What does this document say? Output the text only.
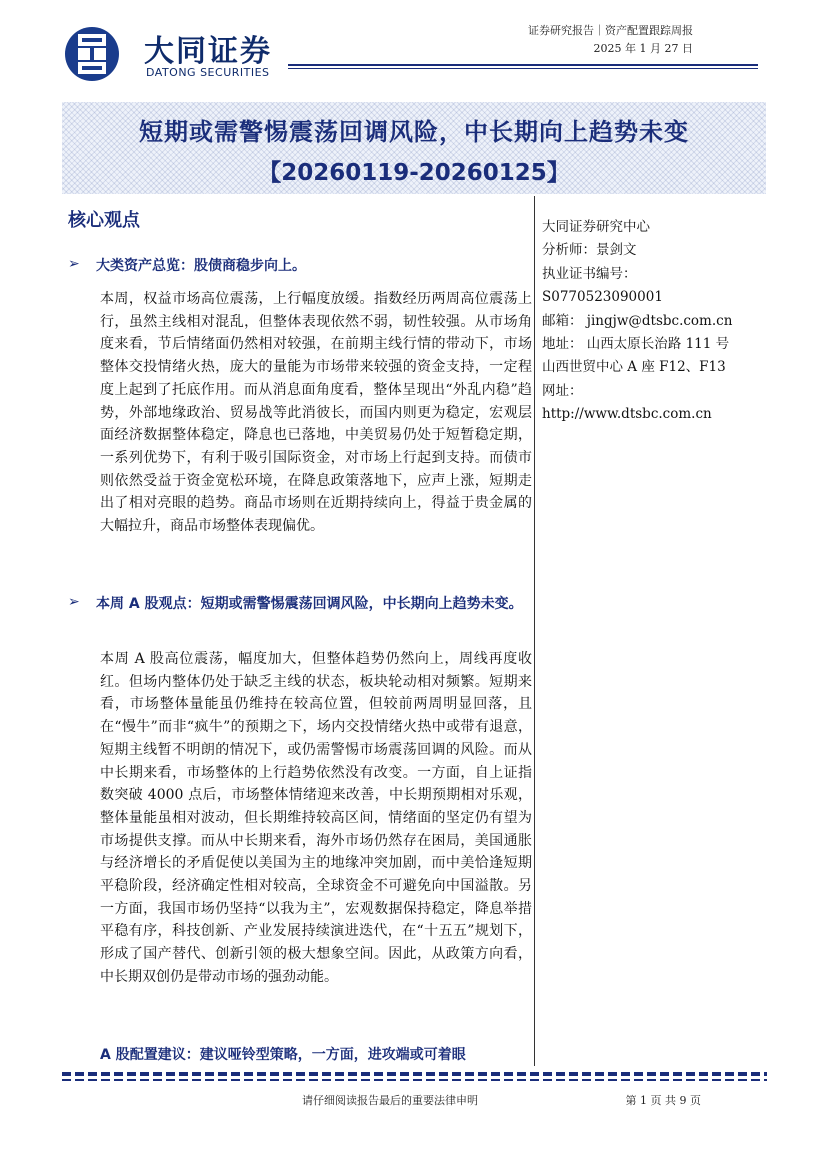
大同证券
DATONG SECURITIES
证券研究报告｜资产配置跟踪周报
2025 年 1 月 27 日
短期或需警惕震荡回调风险，中长期向上趋势未变
【20260119-20260125】
核心观点
➢ 大类资产总览：股债商稳步向上。
本周，权益市场高位震荡，上行幅度放缓。指数经历两周高位震荡上行，虽然主线相对混乱，但整体表现依然不弱，韧性较强。从市场角度来看，节后情绪面仍然相对较强，在前期主线行情的带动下，市场整体交投情绪火热，庞大的量能为市场带来较强的资金支持，一定程度上起到了托底作用。而从消息面角度看，整体呈现出“外乱内稳”趋势，外部地缘政治、贸易战等此消彼长，而国内则更为稳定，宏观层面经济数据整体稳定，降息也已落地，中美贸易仍处于短暂稳定期，一系列优势下，有利于吸引国际资金，对市场上行起到支持。而债市则依然受益于资金宽松环境，在降息政策落地下，应声上涨，短期走出了相对亮眼的趋势。商品市场则在近期持续向上，得益于贵金属的大幅拉升，商品市场整体表现偏优。
➢ 本周 A 股观点：短期或需警惕震荡回调风险，中长期向上趋势未变。
本周 A 股高位震荡，幅度加大，但整体趋势仍然向上，周线再度收红。但场内整体仍处于缺乏主线的状态，板块轮动相对频繁。短期来看，市场整体量能虽仍维持在较高位置，但较前两周明显回落，且在“慢牛”而非“疯牛”的预期之下，场内交投情绪火热中或带有退意，短期主线暂不明朗的情况下，或仍需警惕市场震荡回调的风险。而从中长期来看，市场整体的上行趋势依然没有改变。一方面，自上证指数突破 4000 点后，市场整体情绪迎来改善，中长期预期相对乐观，整体量能虽相对波动，但长期维持较高区间，情绪面的坚定仍有望为市场提供支撑。而从中长期来看，海外市场仍然存在困局，美国通胀与经济增长的矛盾促使以美国为主的地缘冲突加剧，而中美恰逢短期平稳阶段，经济确定性相对较高，全球资金不可避免向中国溢散。另一方面，我国市场仍坚持“以我为主”，宏观数据保持稳定，降息举措平稳有序，科技创新、产业发展持续演进迭代，在“十五五”规划下，形成了国产替代、创新引领的极大想象空间。因此，从政策方向看，中长期双创仍是带动市场的强劲动能。
A 股配置建议：建议哑铃型策略，一方面，进攻端或可着眼
大同证券研究中心
分析师：景剑文
执业证书编号：
S0770523090001
邮箱： jingjw@dtsbc.com.cn
地址： 山西太原长治路 111 号
山西世贸中心 A 座 F12、F13
网址：
http://www.dtsbc.com.cn
请仔细阅读报告最后的重要法律申明	第 1 页 共 9 页
